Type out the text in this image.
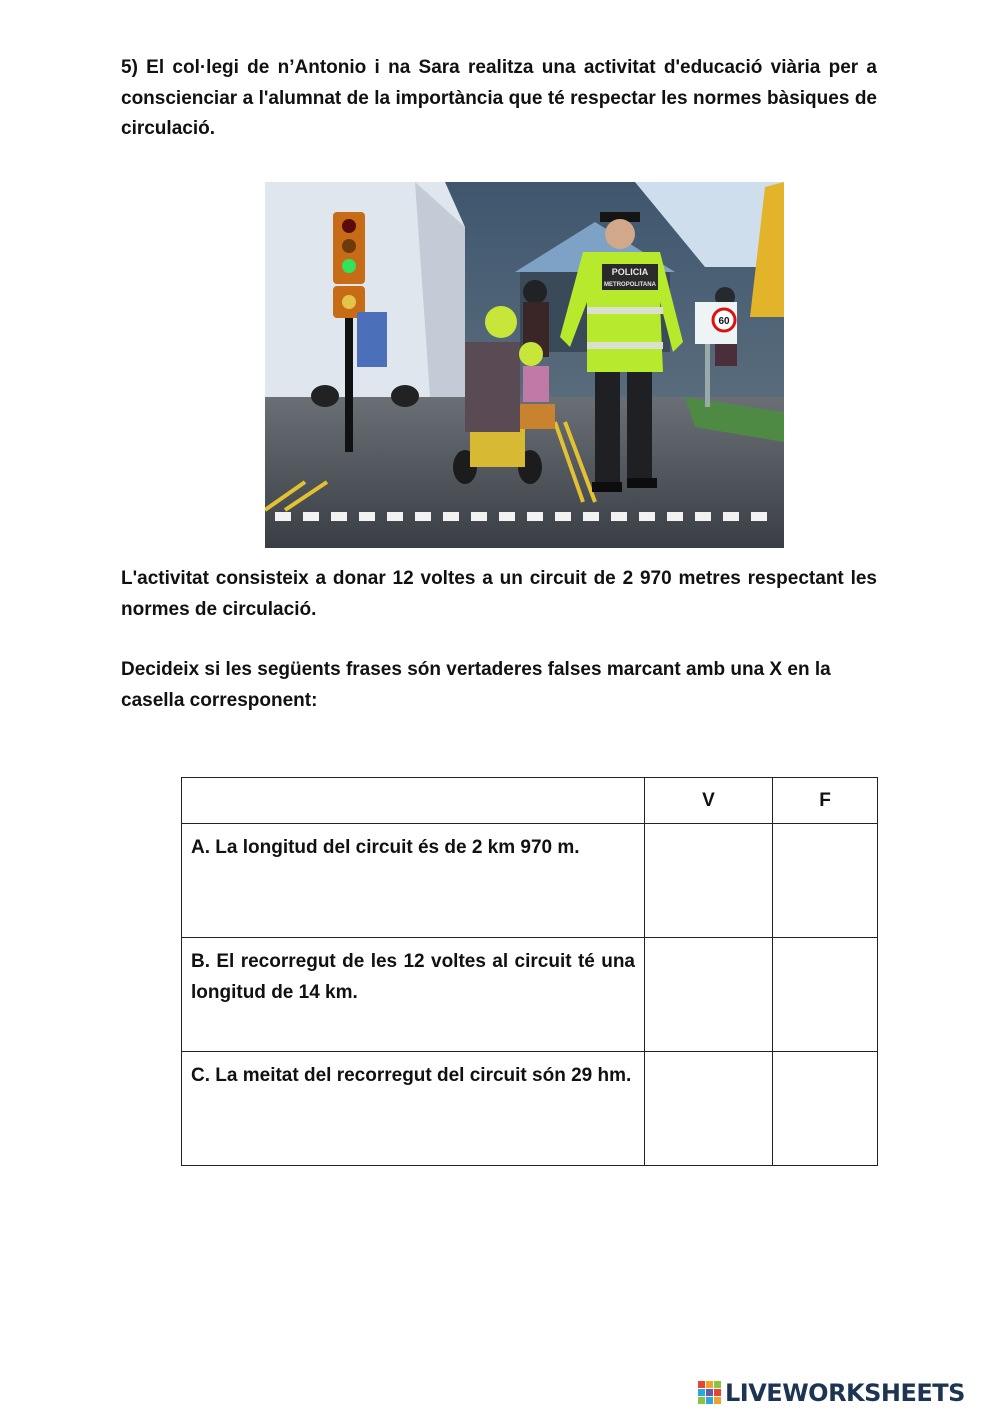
5) El col·legi de n’Antonio i na Sara realitza una activitat d'educació viària per a conscienciar a l'alumnat de la importància que té respectar les normes bàsiques de circulació.

POLICIA
METROPOLITANA
60

L'activitat consisteix a donar 12 voltes a un circuit de 2 970 metres respectant les normes de circulació.

Decideix si les següents frases són vertaderes falses marcant amb una X en la casella corresponent:

	V	F
A. La longitud del circuit és de 2 km 970 m.		
B. El recorregut de les 12 voltes al circuit té una longitud de 14 km.		
C. La meitat del recorregut del circuit són 29 hm.		
LIVEWORKSHEETS
